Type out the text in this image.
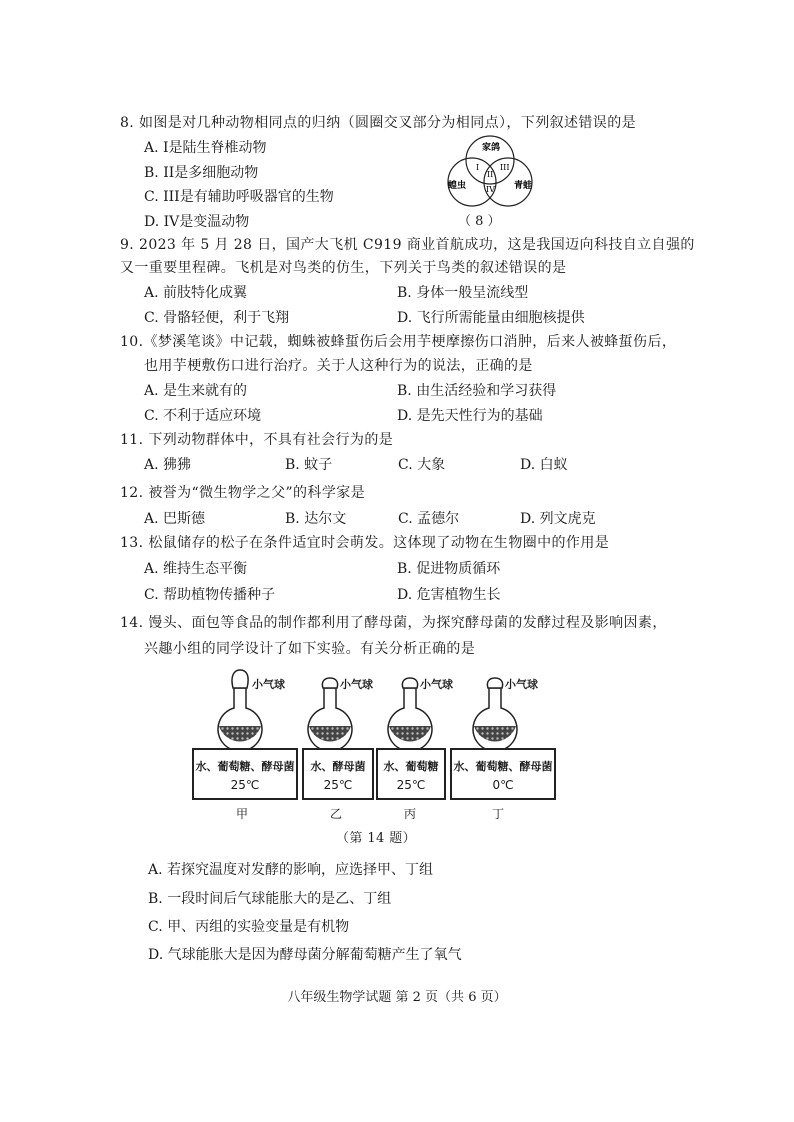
8. 如图是对几种动物相同点的归纳（圆圈交叉部分为相同点），下列叙述错误的是
A. I是陆生脊椎动物
B. II是多细胞动物
C. III是有辅助呼吸器官的生物
D. IV是变温动物
家鸽
蝗虫	青蛙
I
II
III
IV
（ 8 ）
9. 2023 年 5 月 28 日，国产大飞机 C919 商业首航成功，这是我国迈向科技自立自强的
又一重要里程碑。飞机是对鸟类的仿生，下列关于鸟类的叙述错误的是
A. 前肢特化成翼	B. 身体一般呈流线型
C. 骨骼轻便，利于飞翔	D. 飞行所需能量由细胞核提供
10.《梦溪笔谈》中记载，蜘蛛被蜂蜇伤后会用芋梗摩擦伤口消肿，后来人被蜂蜇伤后，
也用芋梗敷伤口进行治疗。关于人这种行为的说法，正确的是
A. 是生来就有的	B. 由生活经验和学习获得
C. 不利于适应环境	D. 是先天性行为的基础
11. 下列动物群体中，不具有社会行为的是
A. 狒狒	B. 蚊子	C. 大象	D. 白蚁
12. 被誉为“微生物学之父”的科学家是
A. 巴斯德	B. 达尔文	C. 孟德尔	D. 列文虎克
13. 松鼠储存的松子在条件适宜时会萌发。这体现了动物在生物圈中的作用是
A. 维持生态平衡	B. 促进物质循环
C. 帮助植物传播种子	D. 危害植物生长
14. 馒头、面包等食品的制作都利用了酵母菌，为探究酵母菌的发酵过程及影响因素，
兴趣小组的同学设计了如下实验。有关分析正确的是
小气球	小气球	小气球	小气球
水、葡萄糖、酵母菌
25℃
水、酵母菌
25℃
水、葡萄糖
25℃
水、葡萄糖、酵母菌
0℃
甲	乙	丙	丁
（第 14 题）
A. 若探究温度对发酵的影响，应选择甲、丁组
B. 一段时间后气球能胀大的是乙、丁组
C. 甲、丙组的实验变量是有机物
D. 气球能胀大是因为酵母菌分解葡萄糖产生了氧气
八年级生物学试题 第 2 页（共 6 页）
